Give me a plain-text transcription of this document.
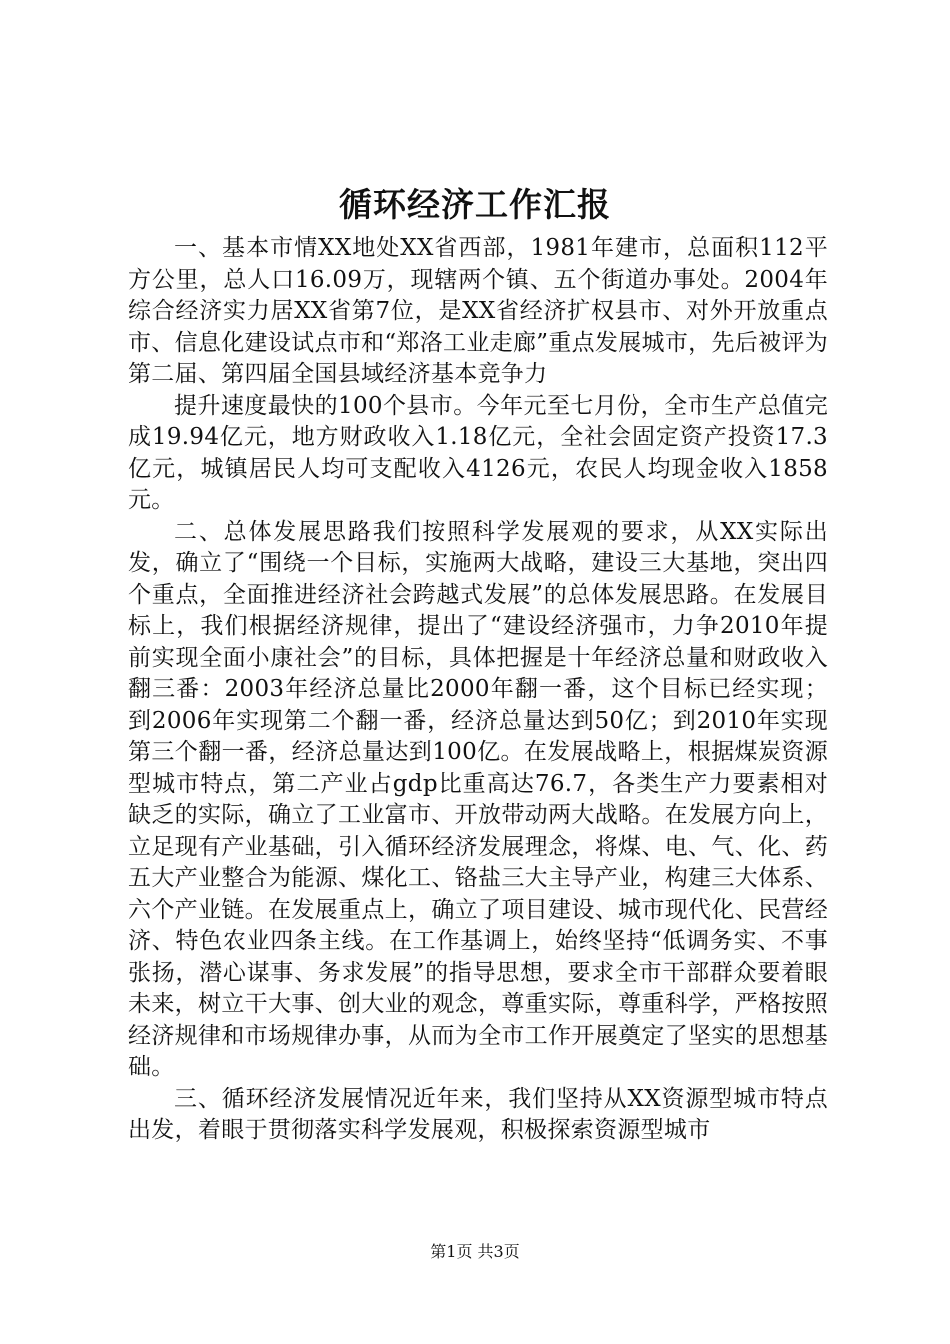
循环经济工作汇报

一、基本市情XX地处XX省西部，1981年建市，总面积112平方公里，总人口16.09万，现辖两个镇、五个街道办事处。2004年综合经济实力居XX省第7位，是XX省经济扩权县市、对外开放重点市、信息化建设试点市和“郑洛工业走廊”重点发展城市，先后被评为第二届、第四届全国县域经济基本竞争力

提升速度最快的100个县市。今年元至七月份，全市生产总值完成19.94亿元，地方财政收入1.18亿元，全社会固定资产投资17.3亿元，城镇居民人均可支配收入4126元，农民人均现金收入1858元。

二、总体发展思路我们按照科学发展观的要求，从XX实际出发，确立了“围绕一个目标，实施两大战略，建设三大基地，突出四个重点，全面推进经济社会跨越式发展”的总体发展思路。在发展目标上，我们根据经济规律，提出了“建设经济强市，力争2010年提前实现全面小康社会”的目标，具体把握是十年经济总量和财政收入翻三番：2003年经济总量比2000年翻一番，这个目标已经实现；到2006年实现第二个翻一番，经济总量达到50亿；到2010年实现第三个翻一番，经济总量达到100亿。在发展战略上，根据煤炭资源型城市特点，第二产业占gdp比重高达76.7，各类生产力要素相对缺乏的实际，确立了工业富市、开放带动两大战略。在发展方向上，立足现有产业基础，引入循环经济发展理念，将煤、电、气、化、药五大产业整合为能源、煤化工、铬盐三大主导产业，构建三大体系、六个产业链。在发展重点上，确立了项目建设、城市现代化、民营经济、特色农业四条主线。在工作基调上，始终坚持“低调务实、不事张扬，潜心谋事、务求发展”的指导思想，要求全市干部群众要着眼未来，树立干大事、创大业的观念，尊重实际，尊重科学，严格按照经济规律和市场规律办事，从而为全市工作开展奠定了坚实的思想基础。

三、循环经济发展情况近年来，我们坚持从XX资源型城市特点出发，着眼于贯彻落实科学发展观，积极探索资源型城市

第1页 共3页
